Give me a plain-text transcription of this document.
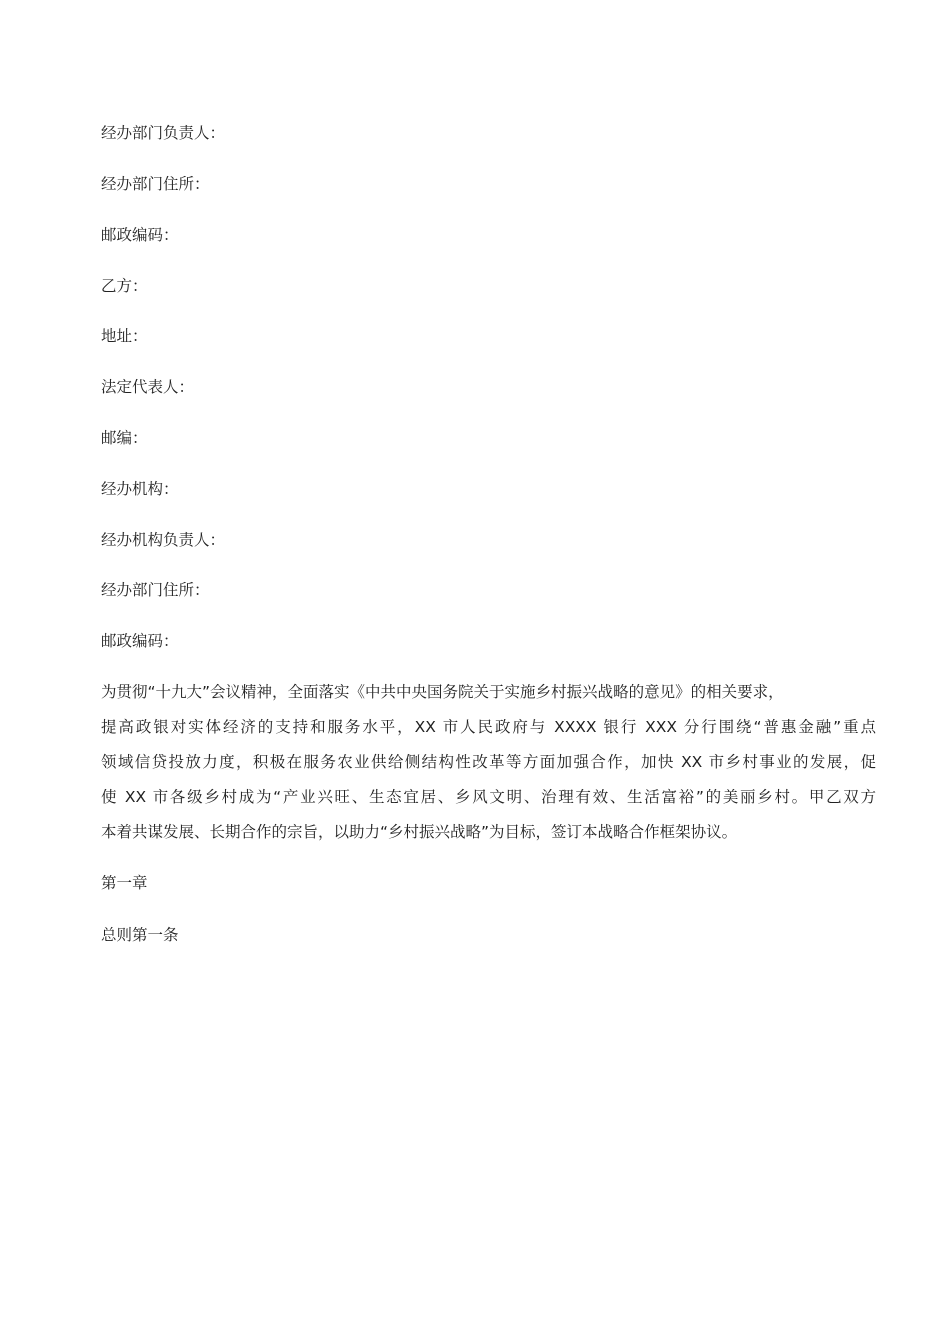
经办部门负责人：
经办部门住所：
邮政编码：
乙方：
地址：
法定代表人：
邮编：
经办机构：
经办机构负责人：
经办部门住所：
邮政编码：
为贯彻“十九大”会议精神，全面落实《中共中央国务院关于实施乡村振兴战略的意见》的相关要求，
提高政银对实体经济的支持和服务水平，XX 市人民政府与 XXXX 银行 XXX 分行围绕“普惠金融”重点
领域信贷投放力度，积极在服务农业供给侧结构性改革等方面加强合作，加快 XX 市乡村事业的发展，促
使 XX 市各级乡村成为“产业兴旺、生态宜居、乡风文明、治理有效、生活富裕”的美丽乡村。甲乙双方
本着共谋发展、长期合作的宗旨，以助力“乡村振兴战略”为目标，签订本战略合作框架协议。
第一章
总则第一条
